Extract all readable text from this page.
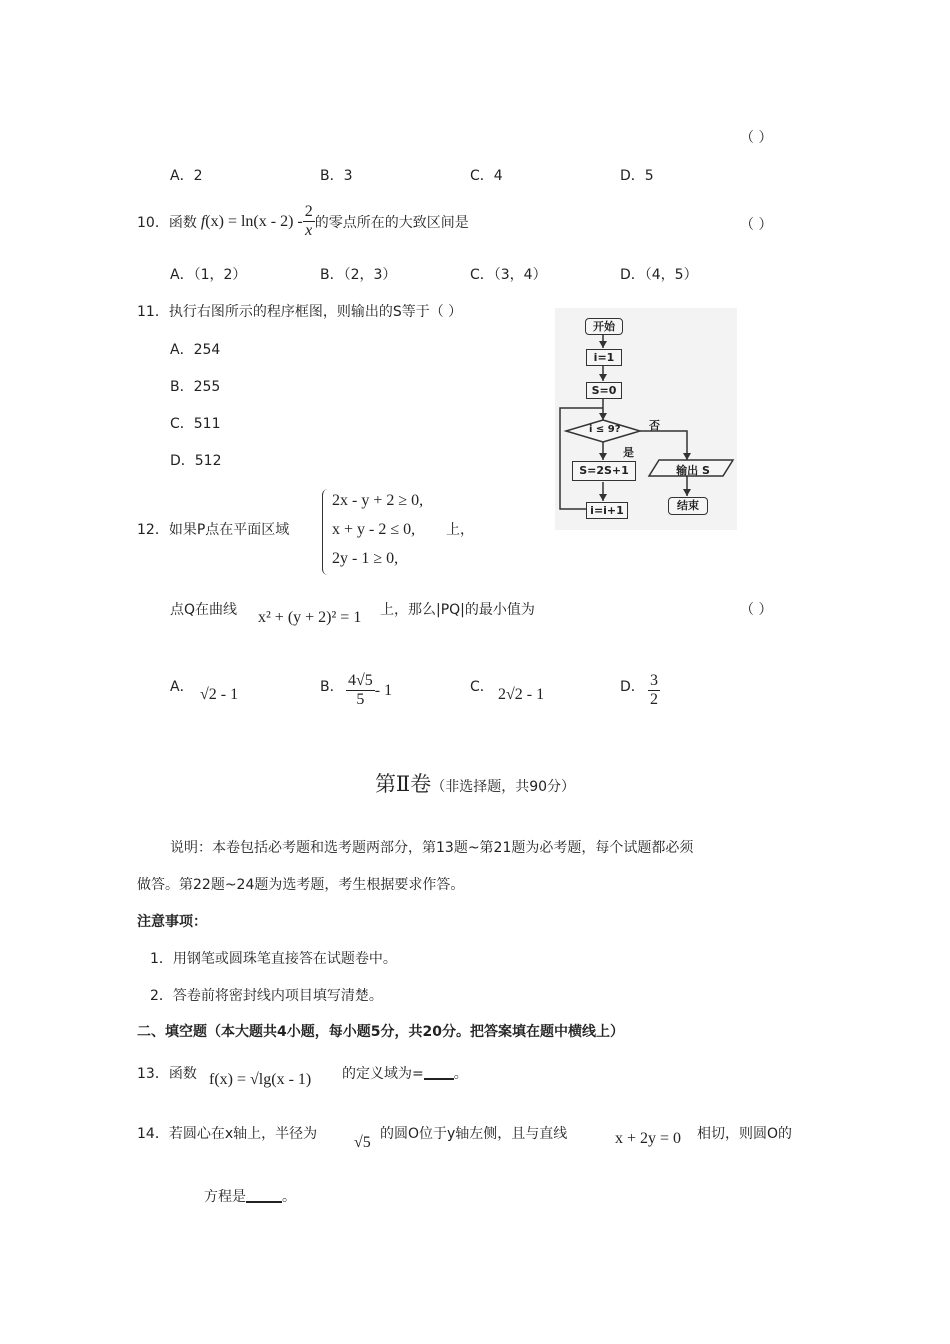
（ ）
A．2	B．3	C．4	D．5
10． 函数 $f(x) = \ln(x - 2) - \frac{2}{x}$ 的零点所在的大致区间是	（ ）
A．（1，2）	B．（2，3）	C．（3，4）	D．（4，5）
11．执行右图所示的程序框图，则输出的S等于（ ）
A．254
B．255
C．511
D．512
开始
i=1
S=0
i ≤ 9?	否
是
S=2S+1	输出 S
结束
i=i+1
12．如果P点在平面区域
2x - y + 2 ≥ 0,
x + y - 2 ≤ 0,
2y - 1 ≥ 0,
上，
点Q在曲线 x² + (y + 2)² = 1 上，那么|PQ|的最小值为	（ ）
A． √2 - 1	B． $\frac{4√5}{5} - 1$	C． 2√2 - 1	D． $\frac{3}{2}$
第Ⅱ卷（非选择题，共90分）
说明：本卷包括必考题和选考题两部分，第13题~第21题为必考题，每个试题都必须
做答。第22题~24题为选考题，考生根据要求作答。
注意事项：
1．用钢笔或圆珠笔直接答在试题卷中。
2．答卷前将密封线内项目填写清楚。
二、填空题（本大题共4小题，每小题5分，共20分。把答案填在题中横线上）
13．函数 f(x) = √lg(x - 1) 的定义域为= 。
14．若圆心在x轴上，半径为 √5 的圆O位于y轴左侧，且与直线	x + 2y = 0 相切，则圆O的
方程是	。
